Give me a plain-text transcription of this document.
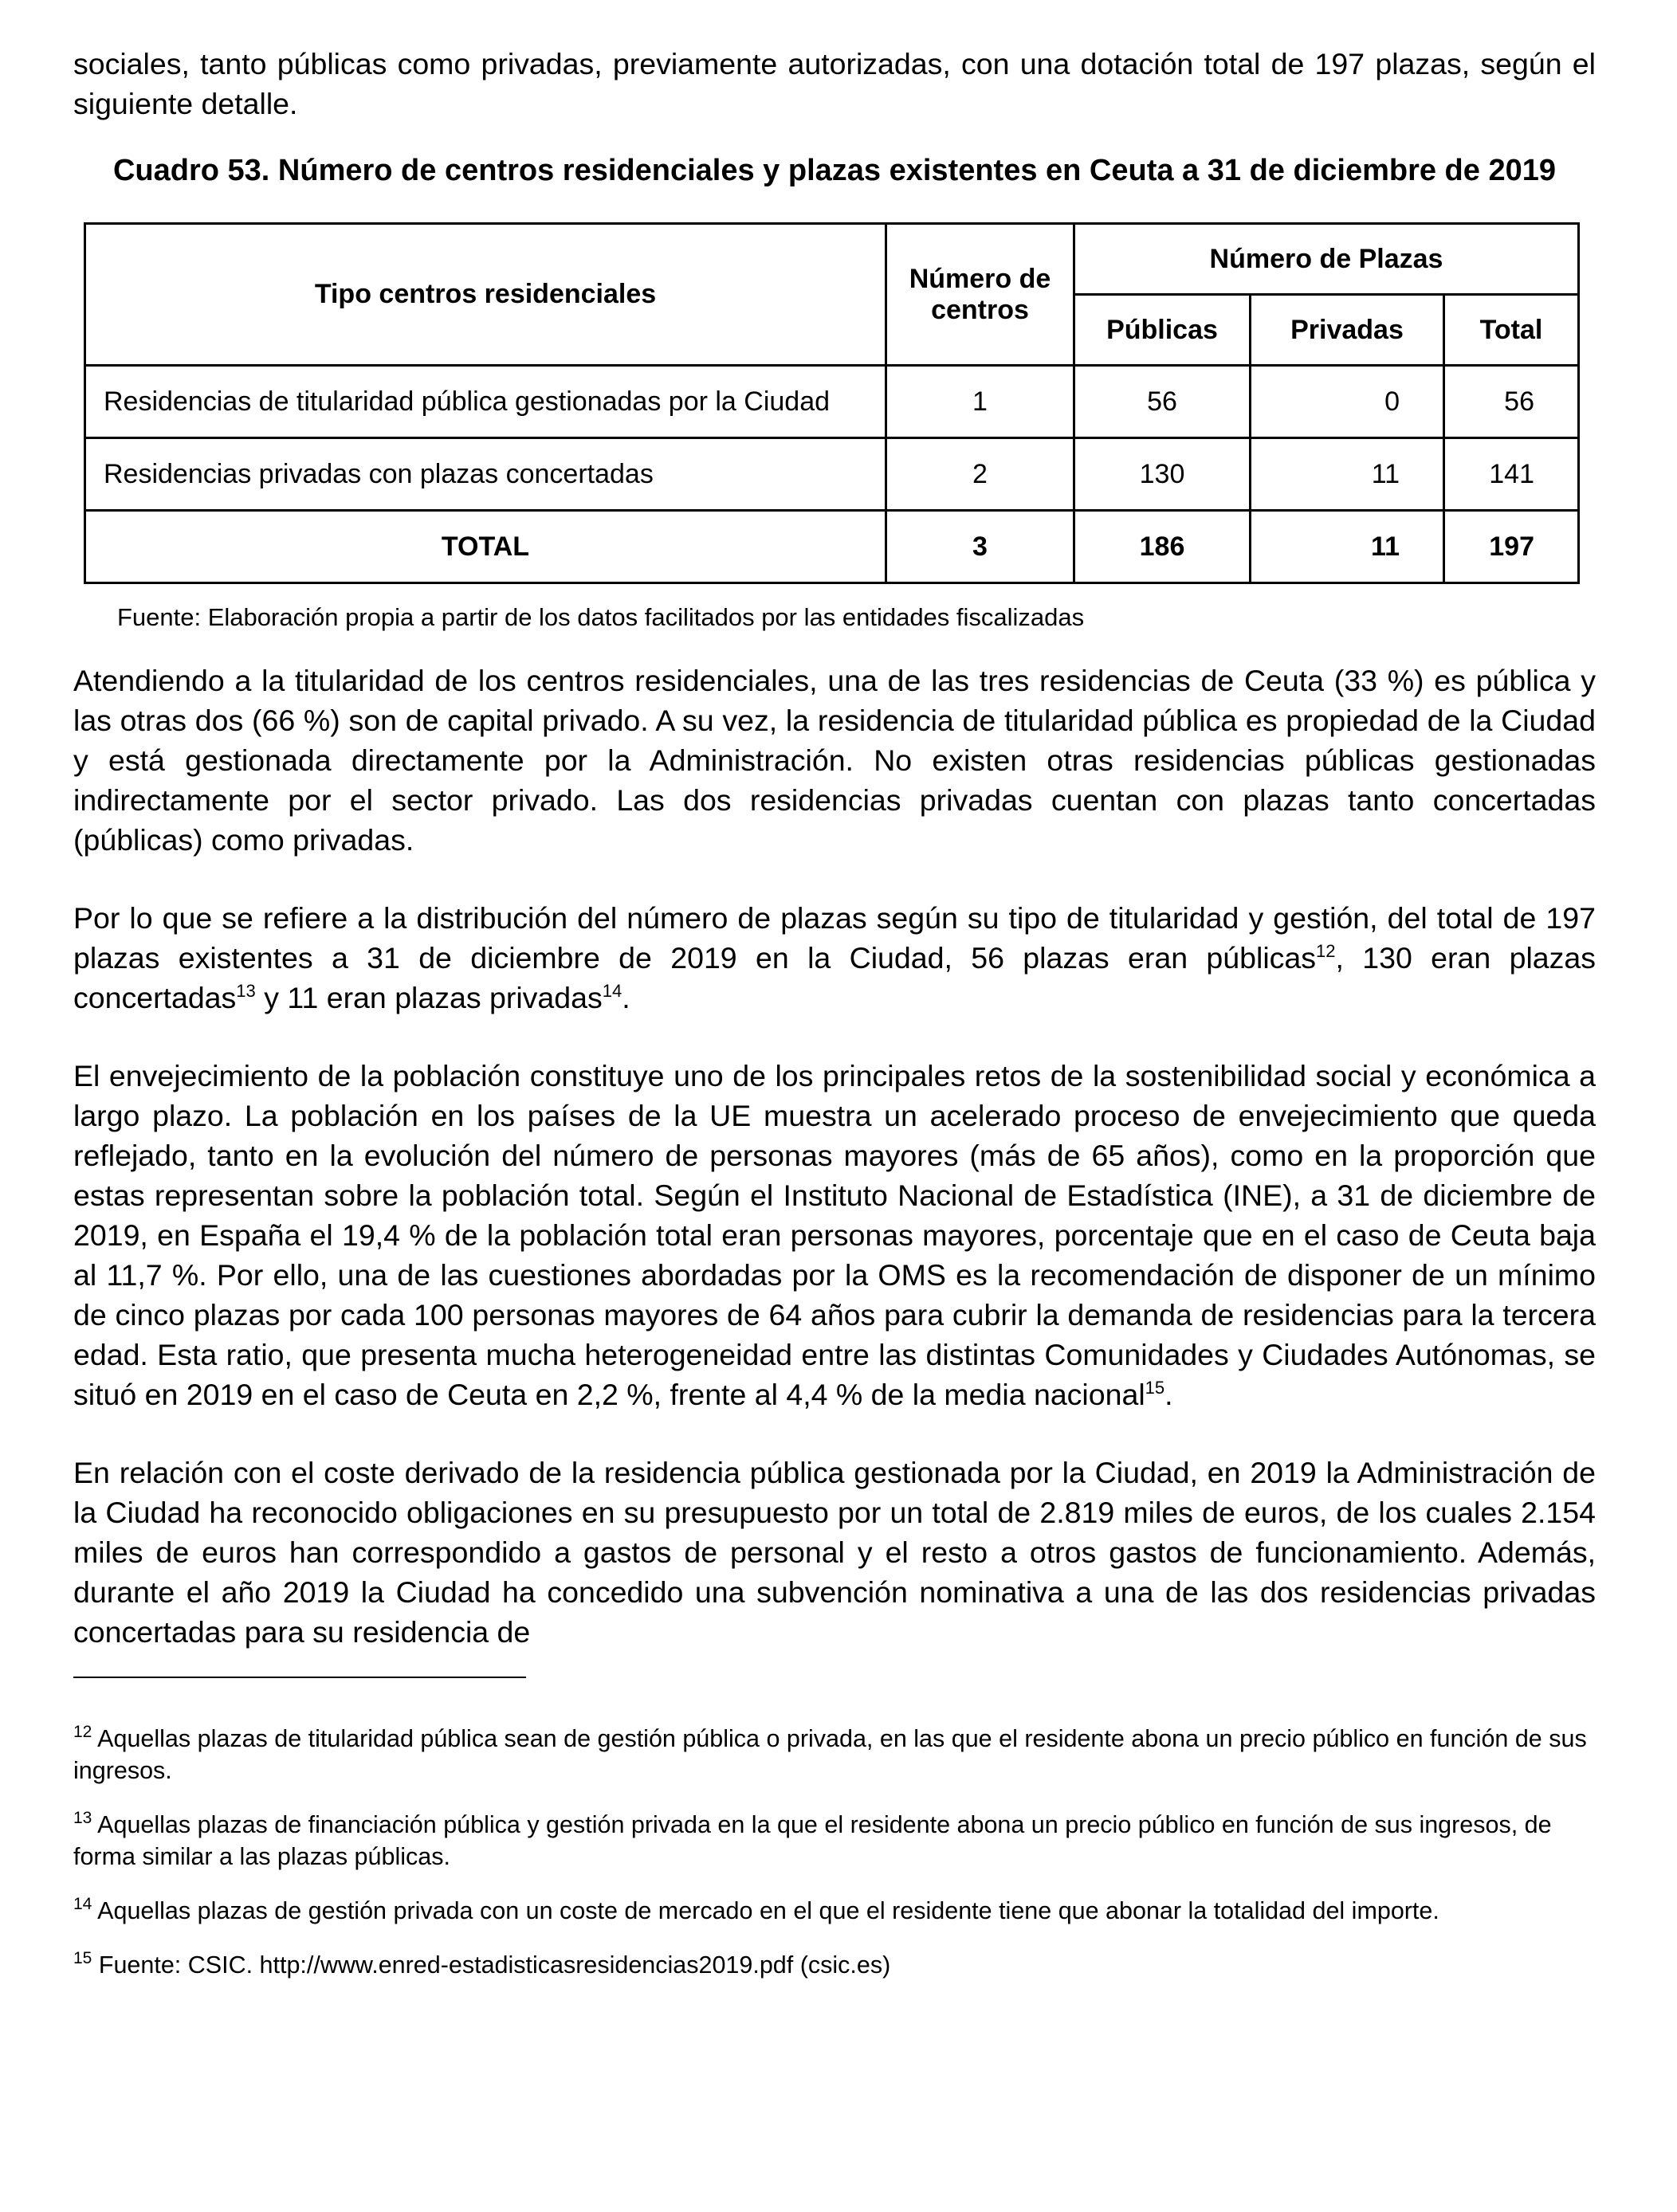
sociales, tanto públicas como privadas, previamente autorizadas, con una dotación total de 197 plazas, según el siguiente detalle.

Cuadro 53. Número de centros residenciales y plazas existentes en Ceuta a 31 de diciembre de 2019
Tipo centros residenciales	Número de centros	Número de Plazas		
		Públicas	Privadas	Total
Residencias de titularidad pública gestionadas por la Ciudad	1	56	0	56
Residencias privadas con plazas concertadas	2	130	11	141
TOTAL	3	186	11	197
Fuente: Elaboración propia a partir de los datos facilitados por las entidades fiscalizadas

Atendiendo a la titularidad de los centros residenciales, una de las tres residencias de Ceuta (33 %) es pública y las otras dos (66 %) son de capital privado. A su vez, la residencia de titularidad pública es propiedad de la Ciudad y está gestionada directamente por la Administración. No existen otras residencias públicas gestionadas indirectamente por el sector privado. Las dos residencias privadas cuentan con plazas tanto concertadas (públicas) como privadas.

Por lo que se refiere a la distribución del número de plazas según su tipo de titularidad y gestión, del total de 197 plazas existentes a 31 de diciembre de 2019 en la Ciudad, 56 plazas eran públicas$^{12}$, 130 eran plazas concertadas$^{13}$ y 11 eran plazas privadas$^{14}$.

El envejecimiento de la población constituye uno de los principales retos de la sostenibilidad social y económica a largo plazo. La población en los países de la UE muestra un acelerado proceso de envejecimiento que queda reflejado, tanto en la evolución del número de personas mayores (más de 65 años), como en la proporción que estas representan sobre la población total. Según el Instituto Nacional de Estadística (INE), a 31 de diciembre de 2019, en España el 19,4 % de la población total eran personas mayores, porcentaje que en el caso de Ceuta baja al 11,7 %. Por ello, una de las cuestiones abordadas por la OMS es la recomendación de disponer de un mínimo de cinco plazas por cada 100 personas mayores de 64 años para cubrir la demanda de residencias para la tercera edad. Esta ratio, que presenta mucha heterogeneidad entre las distintas Comunidades y Ciudades Autónomas, se situó en 2019 en el caso de Ceuta en 2,2 %, frente al 4,4 % de la media nacional$^{15}$.

En relación con el coste derivado de la residencia pública gestionada por la Ciudad, en 2019 la Administración de la Ciudad ha reconocido obligaciones en su presupuesto por un total de 2.819 miles de euros, de los cuales 2.154 miles de euros han correspondido a gastos de personal y el resto a otros gastos de funcionamiento. Además, durante el año 2019 la Ciudad ha concedido una subvención nominativa a una de las dos residencias privadas concertadas para su residencia de

$^{12}$ Aquellas plazas de titularidad pública sean de gestión pública o privada, en las que el residente abona un precio público en función de sus ingresos.

$^{13}$ Aquellas plazas de financiación pública y gestión privada en la que el residente abona un precio público en función de sus ingresos, de forma similar a las plazas públicas.

$^{14}$ Aquellas plazas de gestión privada con un coste de mercado en el que el residente tiene que abonar la totalidad del importe.

$^{15}$ Fuente: CSIC. http://www.enred-estadisticasresidencias2019.pdf (csic.es)
